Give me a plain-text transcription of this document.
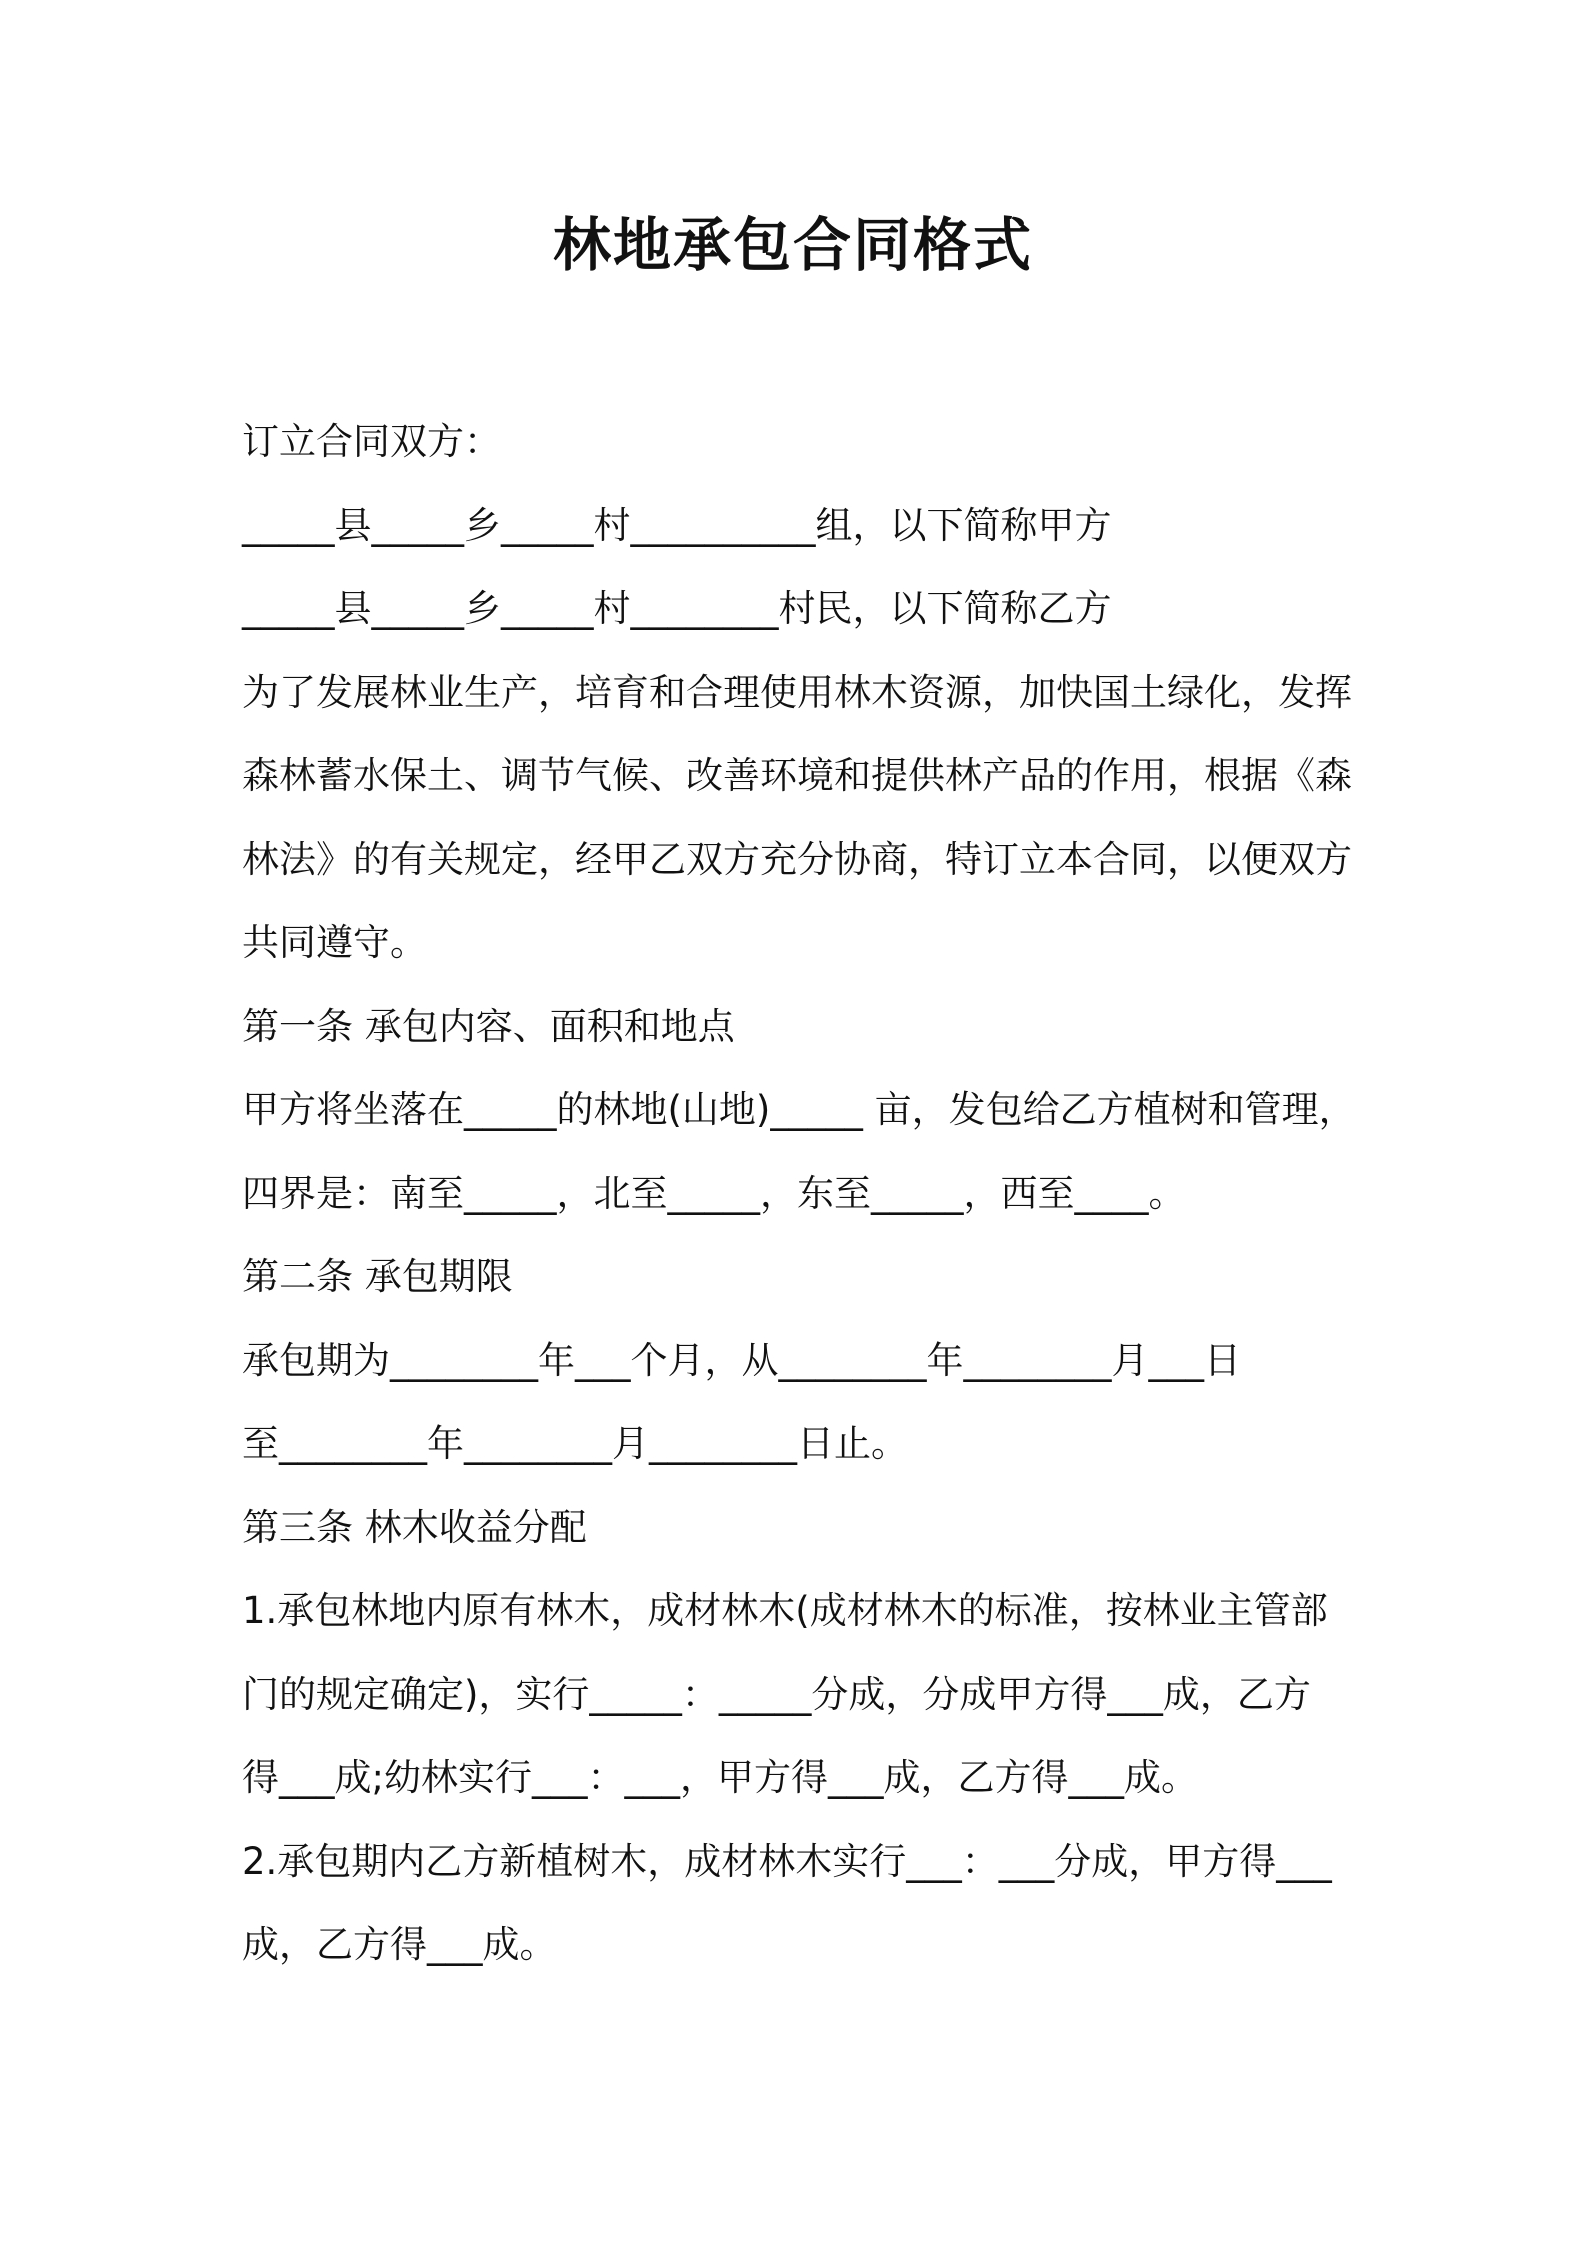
林地承包合同格式
订立合同双方：
_____县_____乡_____村__________组，以下简称甲方
_____县_____乡_____村________村民，以下简称乙方
为了发展林业生产，培育和合理使用林木资源，加快国土绿化，发挥
森林蓄水保土、调节气候、改善环境和提供林产品的作用，根据《森
林法》的有关规定，经甲乙双方充分协商，特订立本合同，以便双方
共同遵守。
第一条 承包内容、面积和地点
甲方将坐落在_____的林地(山地)_____ 亩，发包给乙方植树和管理，
四界是：南至_____，北至_____，东至_____，西至____。
第二条 承包期限
承包期为________年___个月，从________年________月___日
至________年________月________日止。
第三条 林木收益分配
1.承包林地内原有林木，成材林木(成材林木的标准，按林业主管部
门的规定确定)，实行_____：_____分成，分成甲方得___成，乙方
得___成;幼林实行___：___，甲方得___成，乙方得___成。
2.承包期内乙方新植树木，成材林木实行___：___分成，甲方得___
成，乙方得___成。
